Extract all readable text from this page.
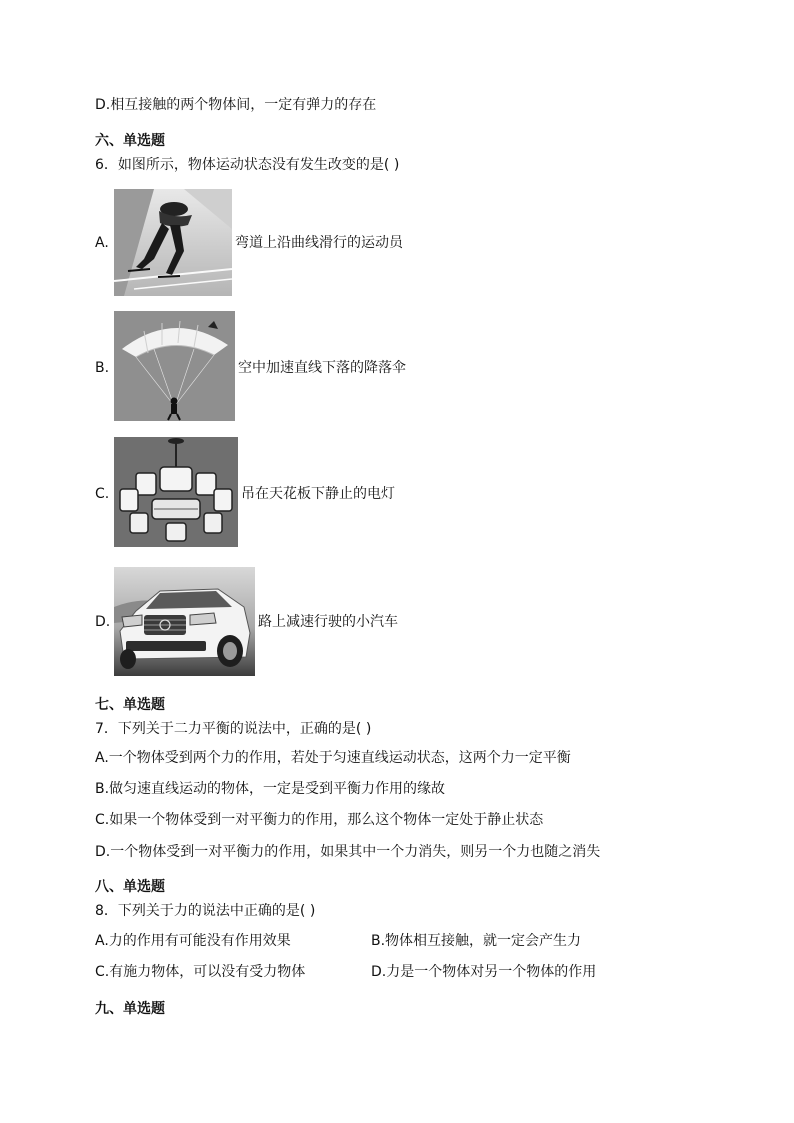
D.相互接触的两个物体间，一定有弹力的存在
六、单选题
6．如图所示，物体运动状态没有发生改变的是( )
A.	弯道上沿曲线滑行的运动员
B.	空中加速直线下落的降落伞
C.	吊在天花板下静止的电灯
D.	路上减速行驶的小汽车
七、单选题
7．下列关于二力平衡的说法中，正确的是( )
A.一个物体受到两个力的作用，若处于匀速直线运动状态，这两个力一定平衡
B.做匀速直线运动的物体，一定是受到平衡力作用的缘故
C.如果一个物体受到一对平衡力的作用，那么这个物体一定处于静止状态
D.一个物体受到一对平衡力的作用，如果其中一个力消失，则另一个力也随之消失
八、单选题
8．下列关于力的说法中正确的是( )
A.力的作用有可能没有作用效果	B.物体相互接触，就一定会产生力
C.有施力物体，可以没有受力物体	D.力是一个物体对另一个物体的作用
九、单选题
